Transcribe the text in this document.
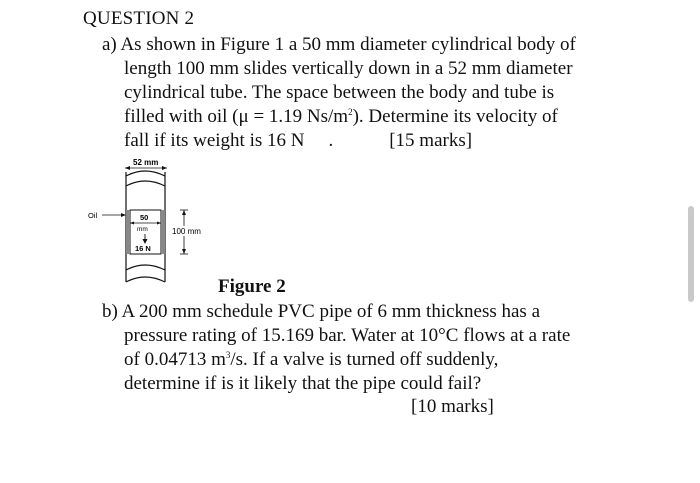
QUESTION 2
a) As shown in Figure 1 a 50 mm diameter cylindrical body of
length 100 mm slides vertically down in a 52 mm diameter
cylindrical tube. The space between the body and tube is
filled with oil (μ = 1.19 $Ns/m^2$). Determine its velocity of
fall if its weight is 16 N .	[15 marks]
52 mm
50
mm
16 N
Oil
100 mm
Figure 2
b) A 200 mm schedule PVC pipe of 6 mm thickness has a
pressure rating of 15.169 bar. Water at 10°C flows at a rate
of 0.04713 $m^3/s$. If a valve is turned off suddenly,
determine if is it likely that the pipe could fail?
[10 marks]
